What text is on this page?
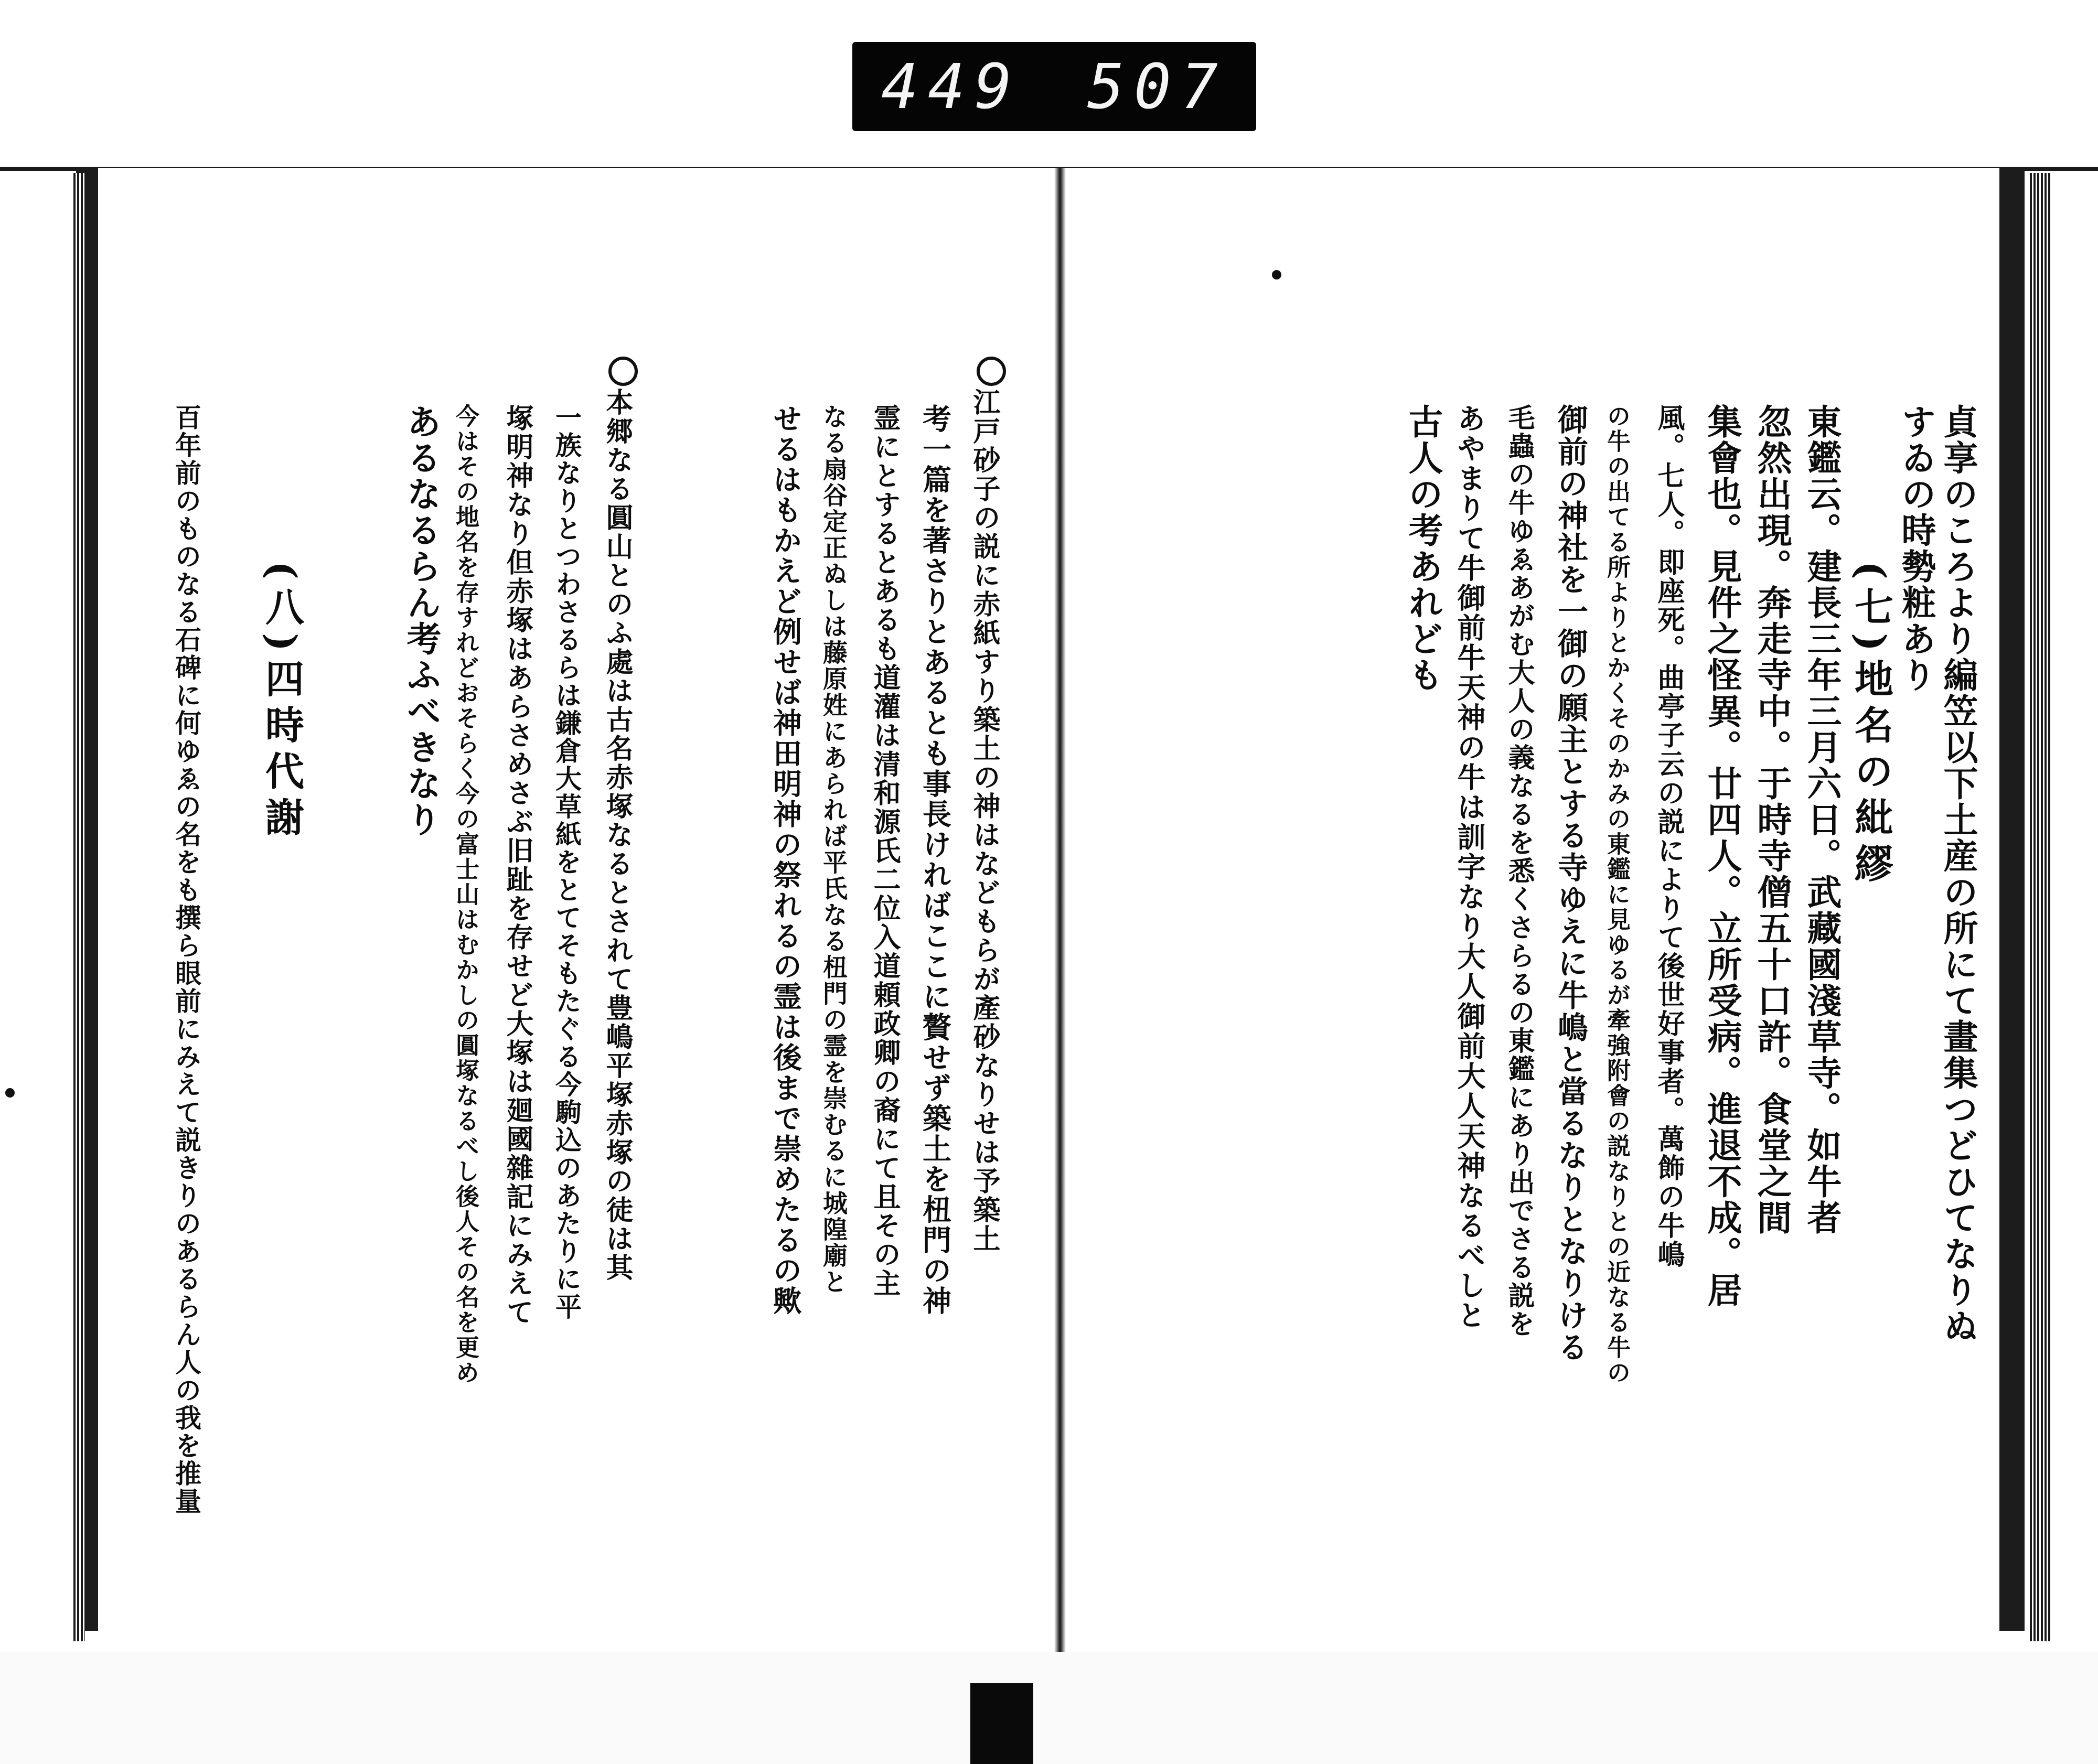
449 507
貞享のころより編笠以下土産の所にて畫集つどひてなりぬ
すゐの時勢粧あり
(七)地名の紕繆
東鑑云。建長三年三月六日。武藏國淺草寺。如牛者
忽然出現。奔走寺中。于時寺僧五十口許。食堂之間
集會也。見件之怪異。廿四人。立所受病。進退不成。居
風。七人。即座死。曲亭子云の説によりて後世好事者。萬飾の牛嶋
の牛の出てる所よりとかくそのかみの東鑑に見ゆるが牽強附會の説なりとの近なる牛の
御前の神社を一御の願主とする寺ゆえに牛嶋と當るなりとなりける
毛蟲の牛ゆゑあがむ大人の義なるを悉くさらるの東鑑にあり出でさる説を
あやまりて牛御前牛天神の牛は訓字なり大人御前大人天神なるべしと
古人の考あれども
江戸砂子の説に赤紙すり築土の神はなどもらが產砂なりせは予築土
考一篇を著さりとあるとも事長ければここに贅せず築土を杻門の神
霊にとするとあるも道灌は清和源氏二位入道頼政卿の裔にて且その主
なる扇谷定正ぬしは藤原姓にあられば平氏なる杻門の霊を崇むるに城隍廟と
せるはもかえど例せば神田明神の祭れるの霊は後まで崇めたるの歟
本郷なる圓山とのふ處は古名赤塚なるとされて豊嶋平塚赤塚の徒は其
一族なりとつわさるらは鎌倉大草紙をとてそもたぐる今駒込のあたりに平
塚明神なり但赤塚はあらさめさぶ旧趾を存せど大塚は廻國雜記にみえて
今はその地名を存すれどおそらく今の富士山はむかしの圓塚なるべし後人その名を更め
あるなるらん考ふべきなり
(八)四時代謝
百年前のものなる石碑に何ゆゑの名をも撰ら眼前にみえて説きりのあるらん人の我を推量
